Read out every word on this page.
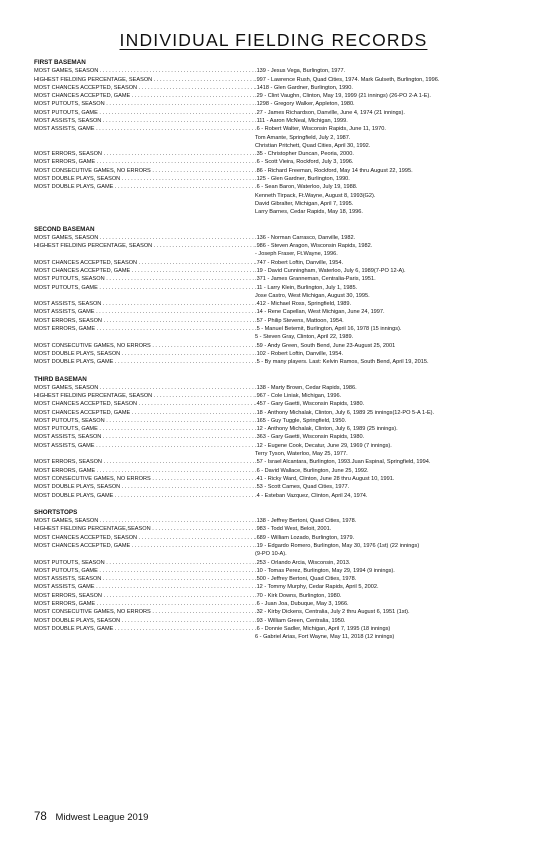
INDIVIDUAL FIELDING RECORDS
FIRST BASEMAN
MOST GAMES, SEASON . . .	. 139 - Jesus Vega, Burlington, 1977.
HIGHEST FIELDING PERCENTAGE, SEASON . . .	. 997 - Lawrence Rush, Quad Cities, 1974. Mark Gulseth, Burlington, 1996.
MOST CHANCES ACCEPTED, SEASON . . .	. 1418 - Glen Gardner, Burlington, 1990.
MOST CHANCES ACCEPTED, GAME . . .	. 29 - Clint Vaughn, Clinton, May 19, 1999 (21 innings) (26-PO 2-A 1-E).
MOST PUTOUTS, SEASON . . .	. 1298 - Gregory Walker, Appleton, 1980.
MOST PUTOUTS, GAME . . .	. 27 - James Richardson, Danville, June 4, 1974 (21 innings).
MOST ASSISTS, SEASON . . .	. 111 - Aaron McNeal, Michigan, 1999.
MOST ASSISTS, GAME . . .	. 6 - Robert Walter, Wisconsin Rapids, June 11, 1970.
Tom Amante, Springfield, July 2, 1987.
Christian Pritchett, Quad Cities, April 30, 1992.
MOST ERRORS, SEASON . . .	. 35 - Christopher Duncan, Peoria, 2000.
MOST ERRORS, GAME . . .	. 6 - Scott Vieira, Rockford, July 3, 1996.
MOST CONSECUTIVE GAMES, NO ERRORS . . .	. 86 - Richard Freeman, Rockford, May 14 thru August 22, 1995.
MOST DOUBLE PLAYS, SEASON . . .	. 125 - Glen Gardner, Burlington, 1990.
MOST DOUBLE PLAYS, GAME . . .	. 6 - Sean Baron, Waterloo, July 19, 1988.
Kenneth Tirpack, Ft.Wayne, August 8, 1993(G2).
David Gibralter, Michigan, April 7, 1995.
Larry Barnes, Cedar Rapids, May 18, 1996.
SECOND BASEMAN
MOST GAMES, SEASON . . .	. 136 - Norman Carrasco, Danville, 1982.
HIGHEST FIELDING PERCENTAGE, SEASON . . .	. 986 - Steven Aragon, Wisconsin Rapids, 1982.
- Joseph Fraser, Ft.Wayne, 1996.
MOST CHANCES ACCEPTED, SEASON . . .	. 747 - Robert Loftin, Danville, 1954.
MOST CHANCES ACCEPTED, GAME . . .	. 19 - David Cunningham, Waterloo, July 6, 1989(7-PO 12-A).
MOST PUTOUTS, SEASON . . .	. 371 - James Granneman, Centralia-Paris, 1951.
MOST PUTOUTS, GAME . . .	. 11 - Larry Klein, Burlington, July 1, 1985.
Jose Castro, West Michigan, August 30, 1995.
MOST ASSISTS, SEASON . . .	. 412 - Michael Ross, Springfield, 1989.
MOST ASSISTS, GAME . . .	. 14 - Rene Capellan, West Michigan, June 24, 1997.
MOST ERRORS, SEASON . . .	. 57 - Philip Stevens, Mattoon, 1954.
MOST ERRORS, GAME . . .	. 5 - Manuel Betemit, Burlington, April 16, 1978 (15 innings).
5 - Steven Gray, Clinton, April 22, 1989.
MOST CONSECUTIVE GAMES, NO ERRORS . . .	. 59 - Andy Green, South Bend, June 23-August 25, 2001
MOST DOUBLE PLAYS, SEASON . . .	. 102 - Robert Loftin, Danville, 1954.
MOST DOUBLE PLAYS, GAME . . .	. 5 - By many players. Last: Kelvin Ramos, South Bend, April 19, 2015.
THIRD BASEMAN
MOST GAMES, SEASON . . .	. 138 - Marty Brown, Cedar Rapids, 1986.
HIGHEST FIELDING PERCENTAGE, SEASON . . .	. 967 - Cole Liniak, Michigan, 1996.
MOST CHANCES ACCEPTED, SEASON . . .	. 457 - Gary Gaetti, Wisconsin Rapids, 1980.
MOST CHANCES ACCEPTED, GAME . . .	. 18 - Anthony Michalak, Clinton, July 6, 1989 25 innings(12-PO 5-A 1-E).
MOST PUTOUTS, SEASON . . .	. 165 - Guy Tuggle, Springfield, 1950.
MOST PUTOUTS, GAME . . .	. 12 - Anthony Michalak, Clinton, July 6, 1989 (25 innings).
MOST ASSISTS, SEASON . . .	. 363 - Gary Gaetti, Wisconsin Rapids, 1980.
MOST ASSISTS, GAME . . .	. 12 - Eugene Cook, Decatur, June 29, 1969 (7 innings).
Terry Tyson, Waterloo, May 25, 1977.
MOST ERRORS, SEASON . . .	. 57 - Israel Alcantara, Burlington, 1993.Juan Espinal, Springfield, 1994.
MOST ERRORS, GAME . . .	. 6 - David Wallace, Burlington, June 25, 1992.
MOST CONSECUTIVE GAMES, NO ERRORS . . .	. 41 - Ricky Ward, Clinton, June 28 thru August 10, 1991.
MOST DOUBLE PLAYS, SEASON . . .	. 53 - Scott Cames, Quad Cities, 1977.
MOST DOUBLE PLAYS, GAME . . .	. 4 - Esteban Vazquez, Clinton, April 24, 1974.
SHORTSTOPS
MOST GAMES, SEASON . . .	. 138 - Jeffrey Bertoni, Quad Cities, 1978.
HIGHEST FIELDING PERCENTAGE,SEASON . . .	. 983 - Todd West, Beloit, 2001.
MOST CHANCES ACCEPTED, SEASON . . .	. 689 - William Lozado, Burlington, 1979.
MOST CHANCES ACCEPTED, GAME . . .	. 19 - Edgardo Romero, Burlington, May 30, 1976 (1st) (22 innings)
(9-PO 10-A).
MOST PUTOUTS, SEASON . . .	. 253 - Orlando Arcia, Wisconsin, 2013.
MOST PUTOUTS, GAME . . .	. 10 - Tomas Perez, Burlington, May 29, 1994 (9 innings).
MOST ASSISTS, SEASON . . .	. 500 - Jeffrey Bertoni, Quad Cities, 1978.
MOST ASSISTS, GAME . . .	. 12 - Tommy Murphy, Cedar Rapids, April 5, 2002.
MOST ERRORS, SEASON . . .	. 70 - Kirk Downs, Burlington, 1980.
MOST ERRORS, GAME . . .	. 6 - Juan Joa, Dubuque, May 3, 1966.
MOST CONSECUTIVE GAMES, NO ERRORS . . .	. 32 - Kirby Dickens, Centralia, July 2 thru August 6, 1951 (1st).
MOST DOUBLE PLAYS, SEASON . . .	. 93 - William Green, Centralia, 1950.
MOST DOUBLE PLAYS, GAME . . .	. 6 - Donnie Sadler, Michigan, April 7, 1995 (18 innings)
6 - Gabriel Arias, Fort Wayne, May 11, 2018 (12 innings)
78 Midwest League 2019
